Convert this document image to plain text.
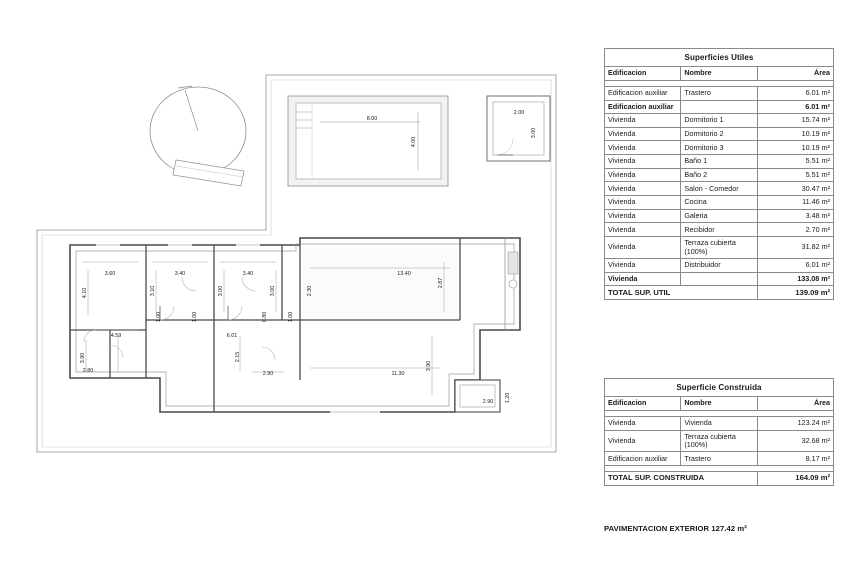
8.00
4.00
2.00
3.00
3.60	3.40	3.40
4.10	3.10	3.00	3.00	2.30
13.40
2.87
11.30
3.90
4.59	6.01
2.80
3.90
2.90
2.15
2.90 1.20
1.00	1.00	0.80	1.00
Superficies Utiles		
Edificacion	Nombre	Área

Edificacion auxiliar	Trastero	6.01 m²
Edificacion auxiliar		6.01 m²
Vivienda	Dormitorio 1	15.74 m²
Vivienda	Dormitorio 2	10.19 m²
Vivienda	Dormitorio 3	10.19 m²
Vivienda	Baño 1	5.51 m²
Vivienda	Baño 2	5.51 m²
Vivienda	Salon - Comedor	30.47 m²
Vivienda	Cocina	11.46 m²
Vivienda	Galeria	3.48 m²
Vivienda	Recibidor	2.70 m²
Vivienda	Terraza cubierta (100%)	31.82 m²
Vivienda	Distribuidor	6.01 m²
Vivienda		133.08 m²
TOTAL SUP. UTIL		139.09 m²
Superficie Construida		
Edificacion	Nombre	Área

Vivienda	Vivienda	123.24 m²
Vivienda	Terraza cubierta (100%)	32.68 m²
Edificacion auxiliar	Trastero	8.17 m²

TOTAL SUP. CONSTRUIDA		164.09 m²
PAVIMENTACION EXTERIOR 127.42 m²
